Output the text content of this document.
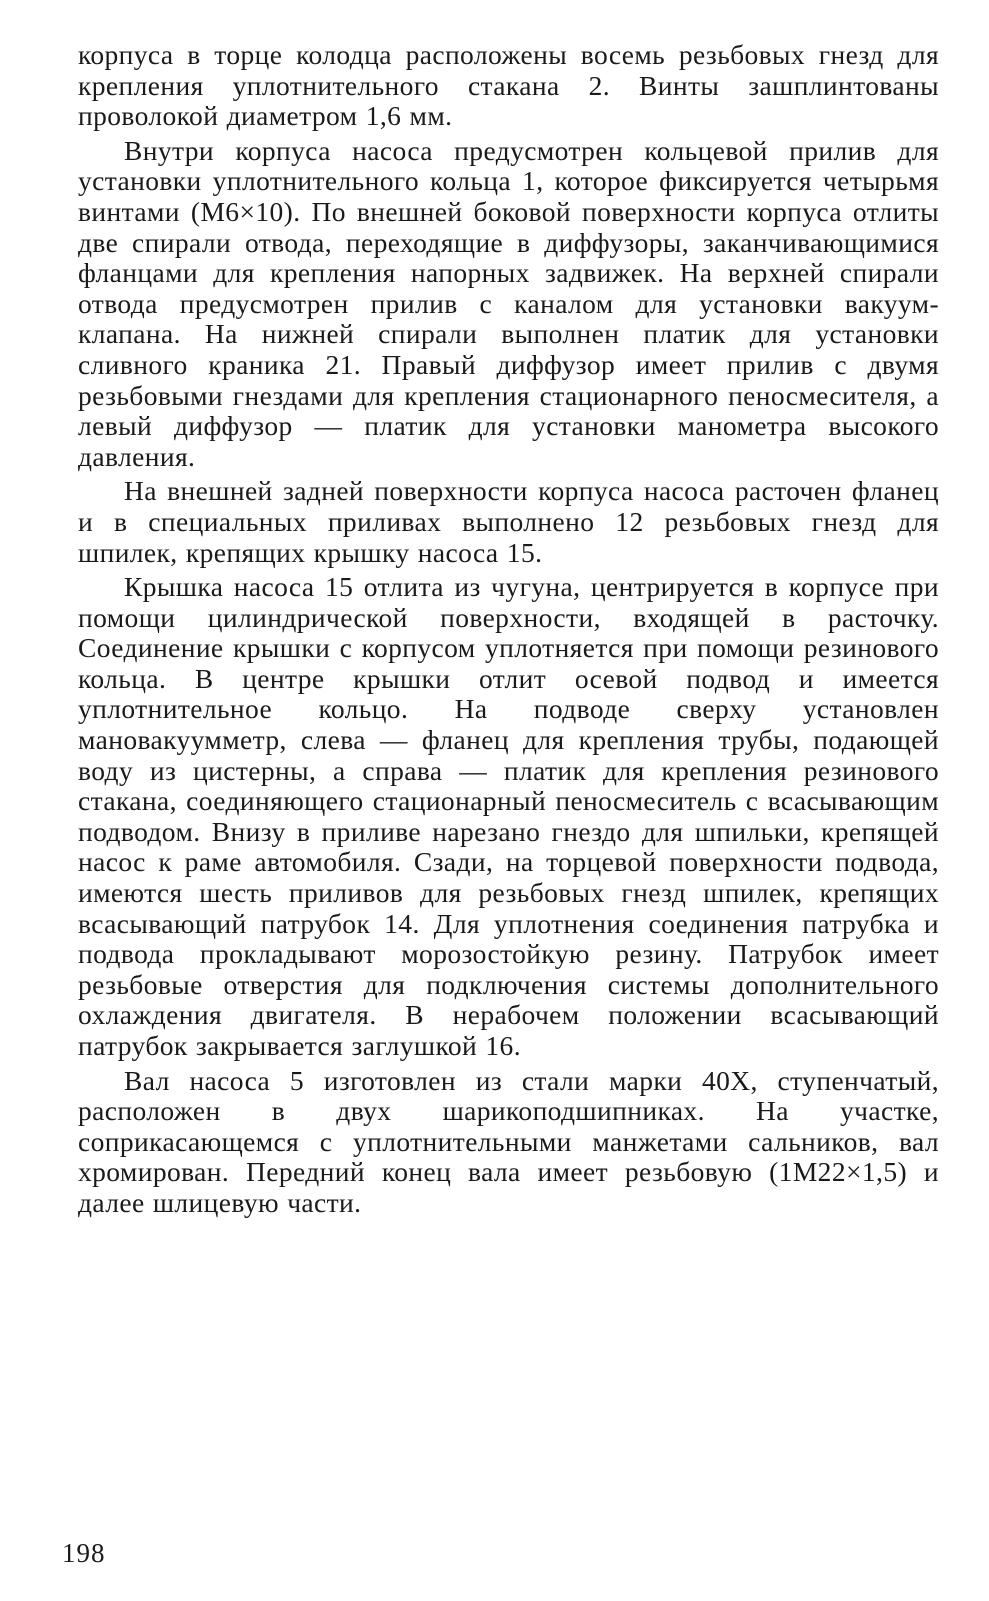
корпуса в торце колодца расположены восемь резьбовых гнезд для крепления уплотнительного стакана 2. Винты зашплинтованы проволокой диаметром 1,6 мм.

Внутри корпуса насоса предусмотрен кольцевой прилив для установки уплотнительного кольца 1, которое фиксируется четырьмя винтами (М6×10). По внешней боковой поверхности корпуса отлиты две спирали отвода, переходящие в диффузоры, заканчивающимися фланцами для крепления напорных задвижек. На верхней спирали отвода предусмотрен прилив с каналом для установки вакуум-клапана. На нижней спирали выполнен платик для установки сливного краника 21. Правый диффузор имеет прилив с двумя резьбовыми гнездами для крепления стационарного пеносмесителя, а левый диффузор — платик для установки манометра высокого давления.

На внешней задней поверхности корпуса насоса расточен фланец и в специальных приливах выполнено 12 резьбовых гнезд для шпилек, крепящих крышку насоса 15.

Крышка насоса 15 отлита из чугуна, центрируется в корпусе при помощи цилиндрической поверхности, входящей в расточку. Соединение крышки с корпусом уплотняется при помощи резинового кольца. В центре крышки отлит осевой подвод и имеется уплотнительное кольцо. На подводе сверху установлен мановакуумметр, слева — фланец для крепления трубы, подающей воду из цистерны, а справа — платик для крепления резинового стакана, соединяющего стационарный пеносмеситель с всасывающим подводом. Внизу в приливе нарезано гнездо для шпильки, крепящей насос к раме автомобиля. Сзади, на торцевой поверхности подвода, имеются шесть приливов для резьбовых гнезд шпилек, крепящих всасывающий патрубок 14. Для уплотнения соединения патрубка и подвода прокладывают морозостойкую резину. Патрубок имеет резьбовые отверстия для подключения системы дополнительного охлаждения двигателя. В нерабочем положении всасывающий патрубок закрывается заглушкой 16.

Вал насоса 5 изготовлен из стали марки 40Х, ступенчатый, расположен в двух шарикоподшипниках. На участке, соприкасающемся с уплотнительными манжетами сальников, вал хромирован. Передний конец вала имеет резьбовую (1М22×1,5) и далее шлицевую части.

198
